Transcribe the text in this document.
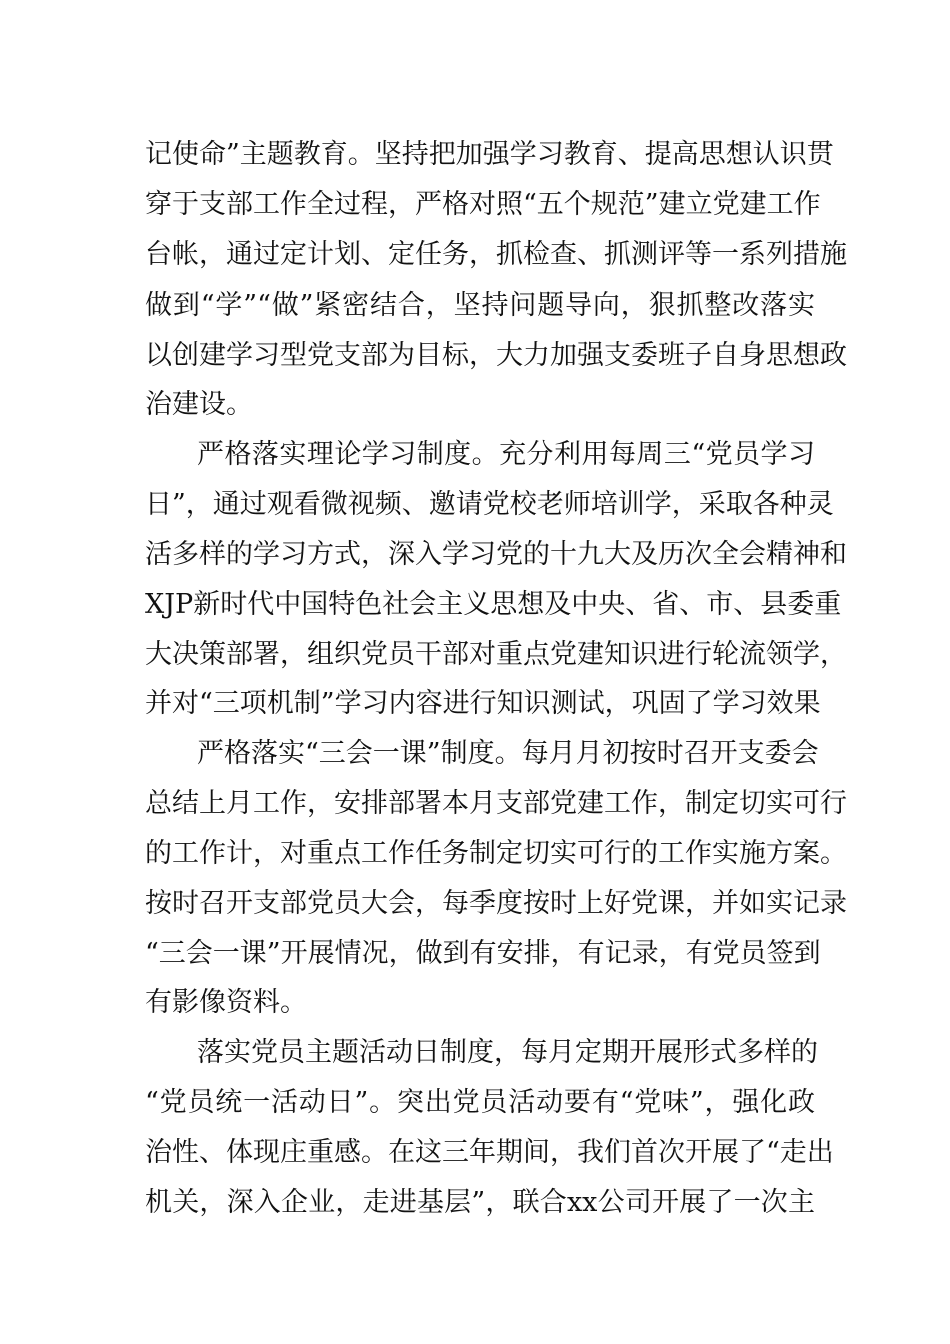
记使命”主题教育。坚持把加强学习教育、提高思想认识贯
穿于支部工作全过程，严格对照“五个规范”建立党建工作
台帐，通过定计划、定任务，抓检查、抓测评等一系列措施
做到“学”“做”紧密结合，坚持问题导向，狠抓整改落实
以创建学习型党支部为目标，大力加强支委班子自身思想政
治建设。
严格落实理论学习制度。充分利用每周三“党员学习
日”，通过观看微视频、邀请党校老师培训学，采取各种灵
活多样的学习方式，深入学习党的十九大及历次全会精神和
XJP新时代中国特色社会主义思想及中央、省、市、县委重
大决策部署，组织党员干部对重点党建知识进行轮流领学，
并对“三项机制”学习内容进行知识测试，巩固了学习效果
严格落实“三会一课”制度。每月月初按时召开支委会
总结上月工作，安排部署本月支部党建工作，制定切实可行
的工作计，对重点工作任务制定切实可行的工作实施方案。
按时召开支部党员大会，每季度按时上好党课，并如实记录
“三会一课”开展情况，做到有安排，有记录，有党员签到
有影像资料。
落实党员主题活动日制度，每月定期开展形式多样的
“党员统一活动日”。突出党员活动要有“党味”，强化政
治性、体现庄重感。在这三年期间，我们首次开展了“走出
机关，深入企业，走进基层”，联合xx公司开展了一次主
